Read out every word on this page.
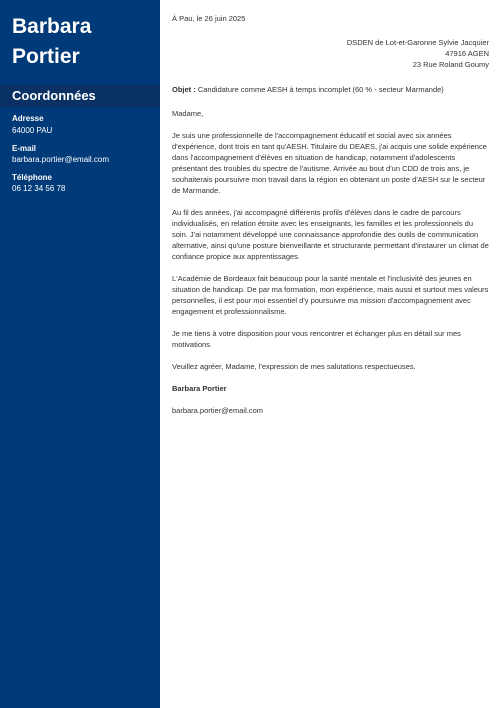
Barbara
Portier
Coordonnées
Adresse
64000 PAU
E-mail
barbara.portier@email.com
Téléphone
06 12 34 56 78
À Pau, le 26 juin 2025
DSDEN de Lot-et-Garonne Sylvie Jacquier
47916 AGEN
23 Rue Roland Goumy
Objet : Candidature comme AESH à temps incomplet (60 % - secteur Marmande)

Madame,

Je suis une professionnelle de l'accompagnement éducatif et social avec six années d'expérience, dont trois en tant qu'AESH. Titulaire du DEAES, j'ai acquis une solide expérience dans l'accompagnement d'élèves en situation de handicap, notamment d'adolescents présentant des troubles du spectre de l'autisme. Arrivée au bout d'un CDD de trois ans, je souhaiterais poursuivre mon travail dans la région en obtenant un poste d'AESH sur le secteur de Marmande.

Au fil des années, j'ai accompagné différents profils d'élèves dans le cadre de parcours individualisés, en relation étroite avec les enseignants, les familles et les professionnels du soin. J'ai notamment développé une connaissance approfondie des outils de communication alternative, ainsi qu'une posture bienveillante et structurante permettant d'instaurer un climat de confiance propice aux apprentissages.

L'Académie de Bordeaux fait beaucoup pour la santé mentale et l'inclusivité des jeunes en situation de handicap. De par ma formation, mon expérience, mais aussi et surtout mes valeurs personnelles, il est pour moi essentiel d'y poursuivre ma mission d'accompagnement avec engagement et professionnalisme.

Je me tiens à votre disposition pour vous rencontrer et échanger plus en détail sur mes motivations.

Veuillez agréer, Madame, l'expression de mes salutations respectueuses.

Barbara Portier

barbara.portier@email.com
